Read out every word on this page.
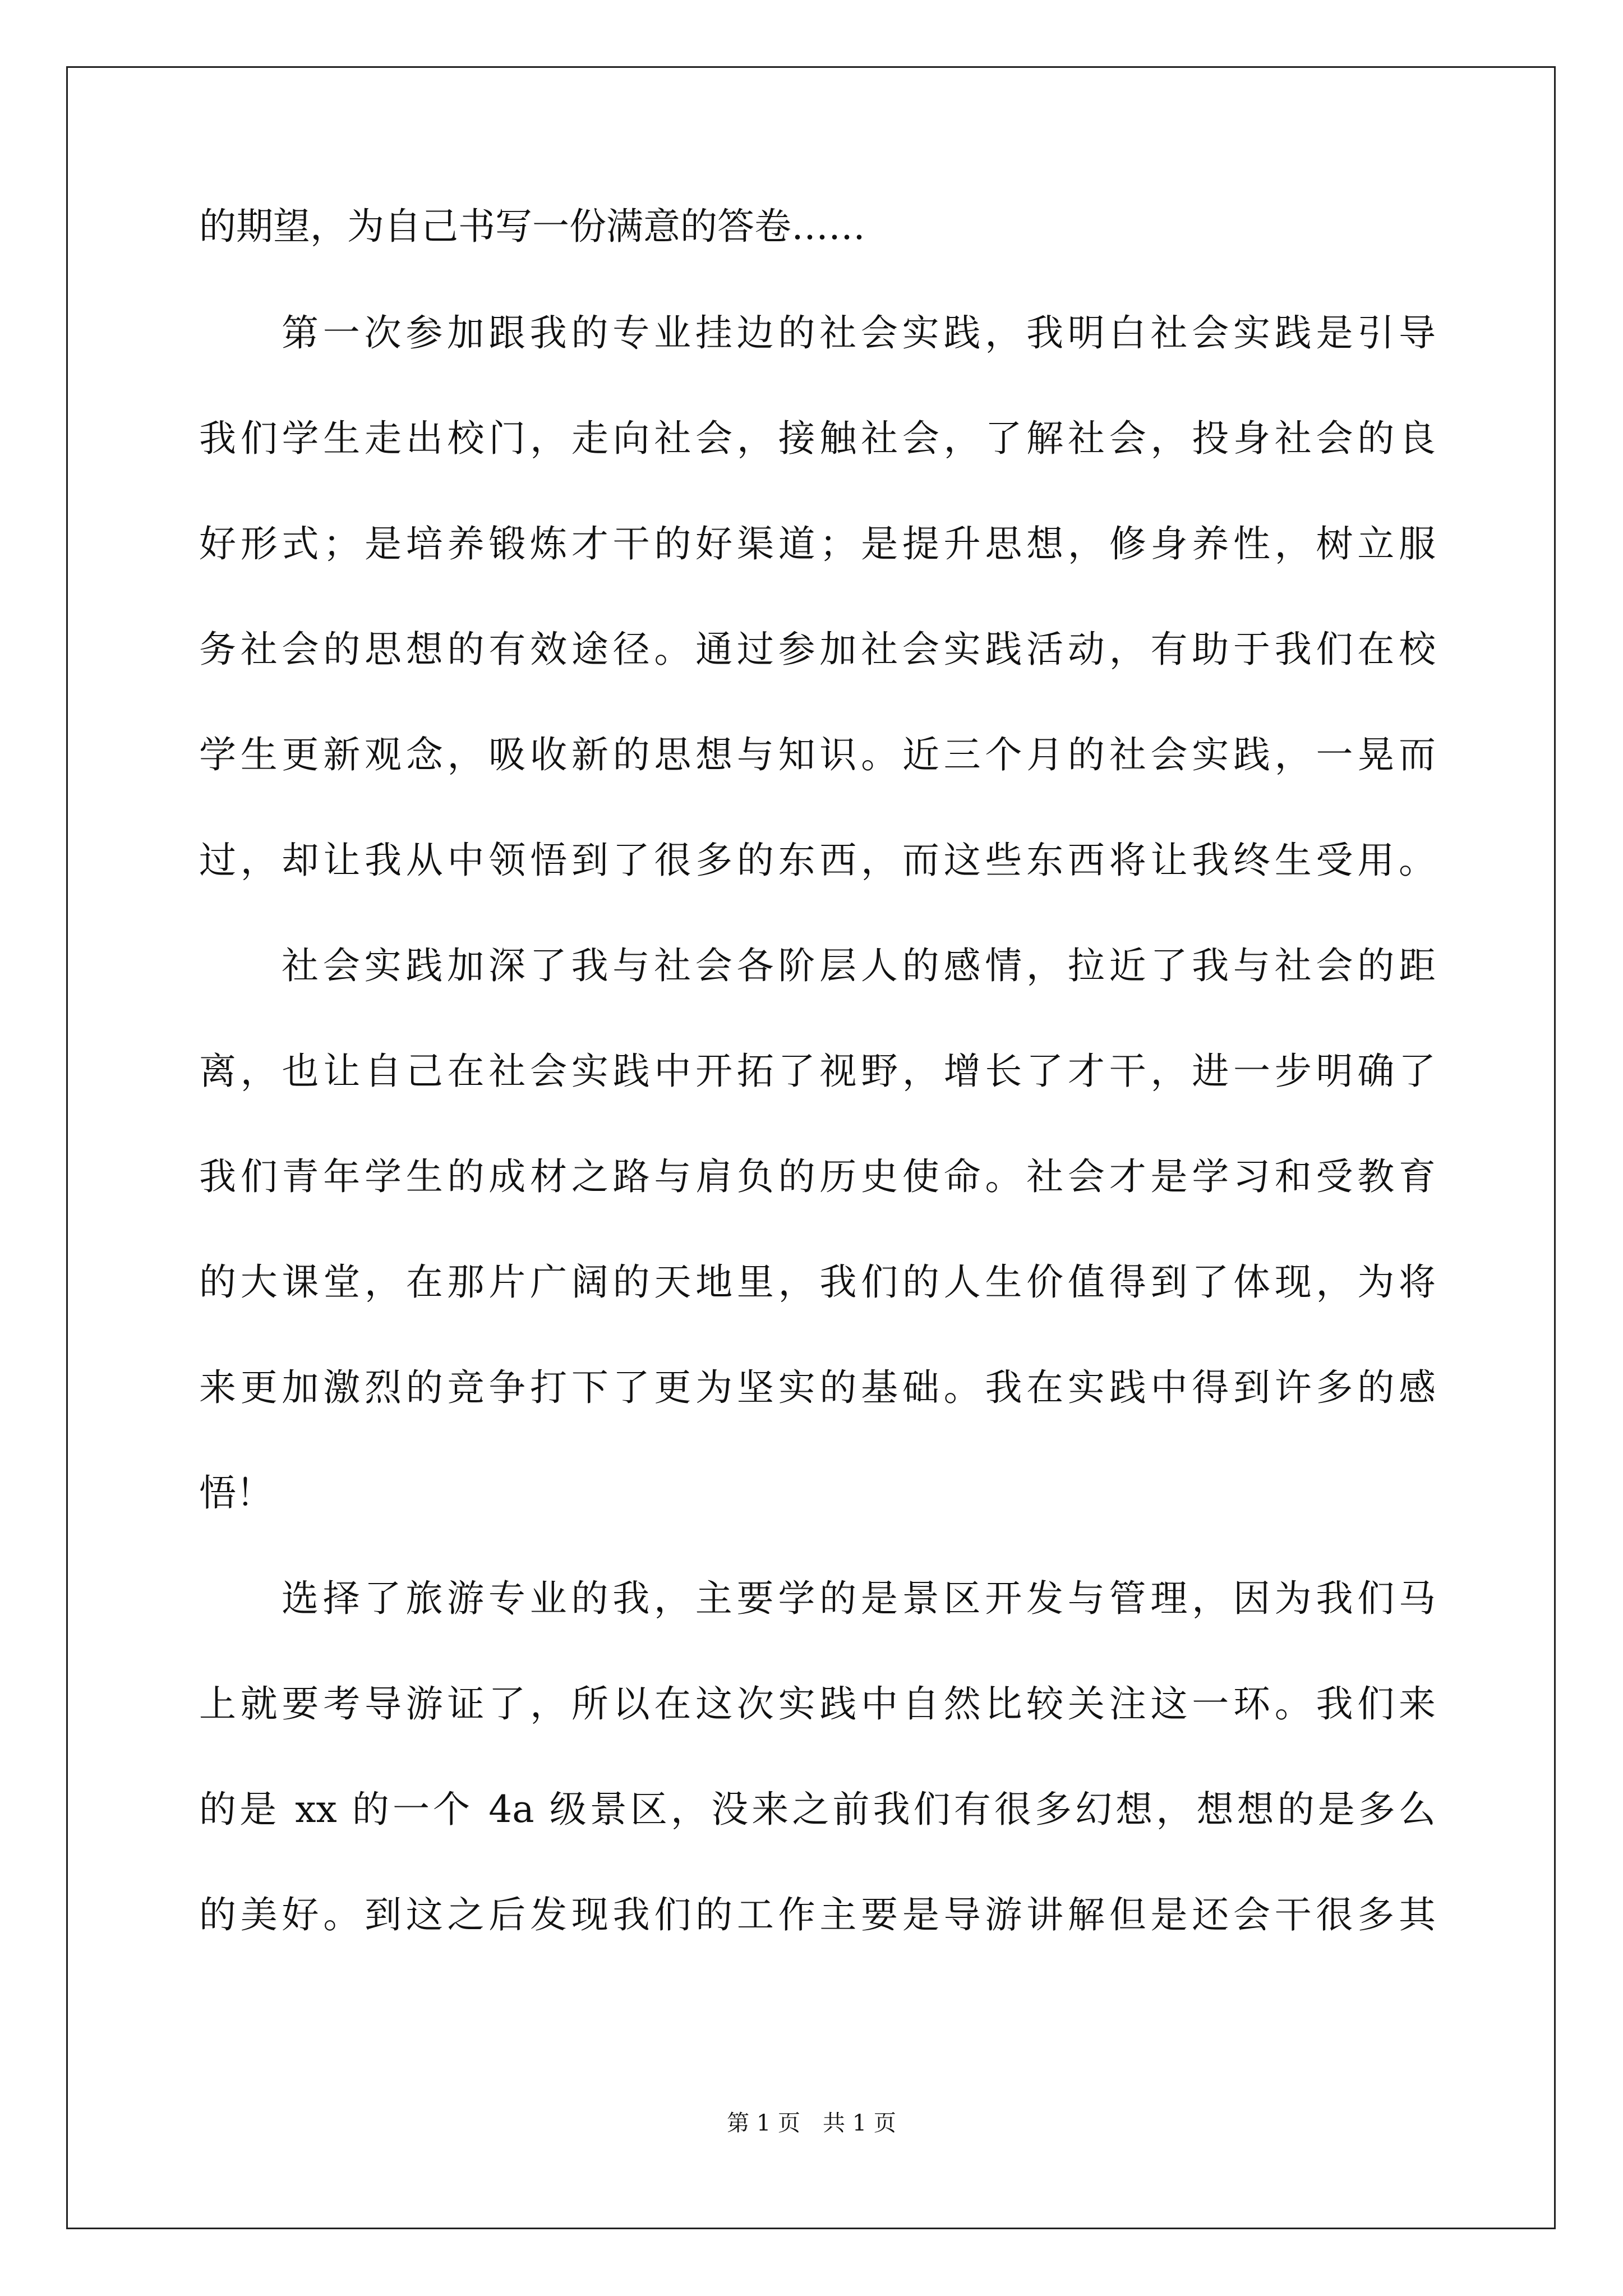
的期望，为自己书写一份满意的答卷……
第一次参加跟我的专业挂边的社会实践，我明白社会实践是引导
我们学生走出校门，走向社会，接触社会，了解社会，投身社会的良
好形式；是培养锻炼才干的好渠道；是提升思想，修身养性，树立服
务社会的思想的有效途径。通过参加社会实践活动，有助于我们在校
学生更新观念，吸收新的思想与知识。近三个月的社会实践，一晃而
过，却让我从中领悟到了很多的东西，而这些东西将让我终生受用。
社会实践加深了我与社会各阶层人的感情，拉近了我与社会的距
离，也让自己在社会实践中开拓了视野，增长了才干，进一步明确了
我们青年学生的成材之路与肩负的历史使命。社会才是学习和受教育
的大课堂，在那片广阔的天地里，我们的人生价值得到了体现，为将
来更加激烈的竞争打下了更为坚实的基础。我在实践中得到许多的感
悟！
选择了旅游专业的我，主要学的是景区开发与管理，因为我们马
上就要考导游证了，所以在这次实践中自然比较关注这一环。我们来
的是 xx 的一个 4a 级景区，没来之前我们有很多幻想，想想的是多么
的美好。到这之后发现我们的工作主要是导游讲解但是还会干很多其
第 1 页 共 1 页
